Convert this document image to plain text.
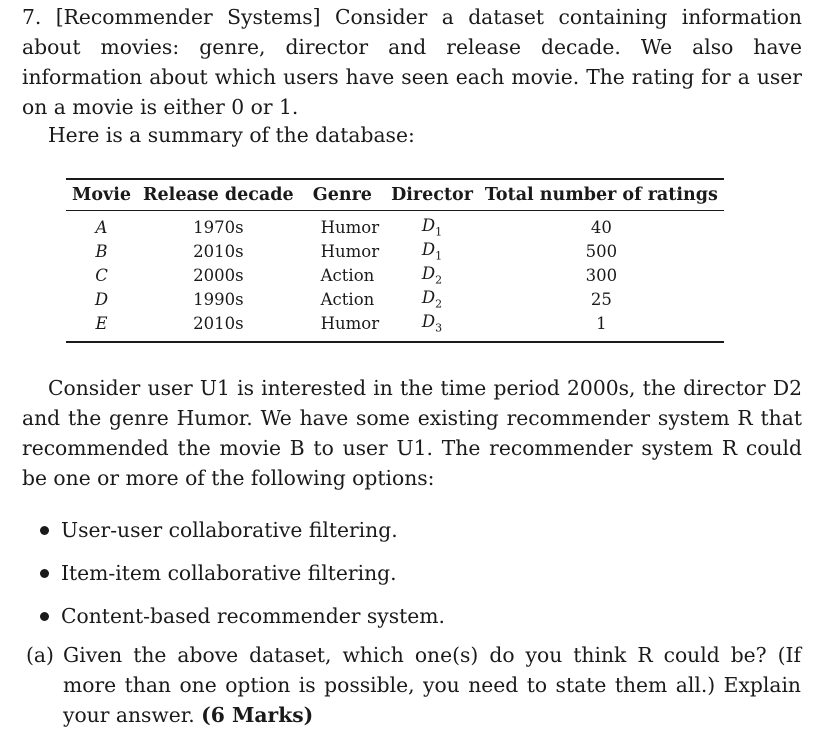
7. [Recommender Systems] Consider a dataset containing information about movies: genre, director and release decade. We also have information about which users have seen each movie. The rating for a user on a movie is either 0 or 1.

Here is a summary of the database:

Movie	Release decade	Genre	Director	Total number of ratings
A	1970s	Humor	$D_1$	40
B	2010s	Humor	$D_1$	500
C	2000s	Action	$D_2$	300
D	1990s	Action	$D_2$	25
E	2010s	Humor	$D_3$	1

Consider user U1 is interested in the time period 2000s, the director D2 and the genre Humor. We have some existing recommender system R that recommended the movie B to user U1. The recommender system R could be one or more of the following options:

User-user collaborative filtering.
Item-item collaborative filtering.
Content-based recommender system.
(a) Given the above dataset, which one(s) do you think R could be? (If more than one option is possible, you need to state them all.) Explain your answer. (6 Marks)
